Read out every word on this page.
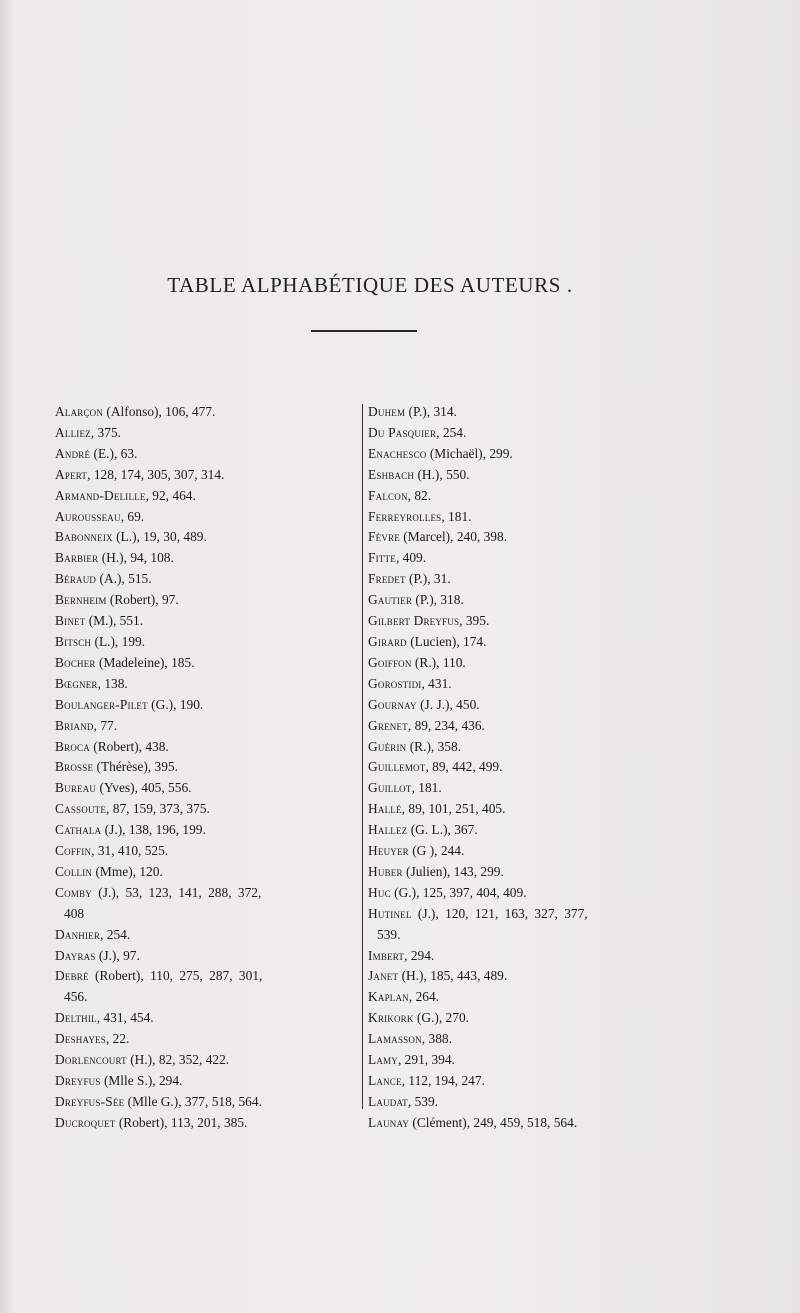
TABLE ALPHABÉTIQUE DES AUTEURS .
Alarçon (Alfonso), 106, 477.
Alliez, 375.
André (E.), 63.
Apert, 128, 174, 305, 307, 314.
Armand-Delille, 92, 464.
Aurousseau, 69.
Babonneix (L.), 19, 30, 489.
Barbier (H.), 94, 108.
Béraud (A.), 515.
Bernheim (Robert), 97.
Binet (M.), 551.
Bitsch (L.), 199.
Bocher (Madeleine), 185.
Bœgner, 138.
Boulanger-Pilet (G.), 190.
Briand, 77.
Broca (Robert), 438.
Brosse (Thérèse), 395.
Bureau (Yves), 405, 556.
Cassoute, 87, 159, 373, 375.
Cathala (J.), 138, 196, 199.
Coffin, 31, 410, 525.
Collin (Mme), 120.
Comby (J.), 53, 123, 141, 288, 372,
408
Danhier, 254.
Dayras (J.), 97.
Debré (Robert), 110, 275, 287, 301,
456.
Delthil, 431, 454.
Deshayes, 22.
Dorlencourt (H.), 82, 352, 422.
Dreyfus (Mlle S.), 294.
Dreyfus-Sée (Mlle G.), 377, 518, 564.
Ducroquet (Robert), 113, 201, 385.
Duhem (P.), 314.
Du Pasquier, 254.
Enachesco (Michaël), 299.
Eshbach (H.), 550.
Falcon, 82.
Ferreyrolles, 181.
Fèvre (Marcel), 240, 398.
Fitte, 409.
Fredet (P.), 31.
Gautier (P.), 318.
Gilbert Dreyfus, 395.
Girard (Lucien), 174.
Goiffon (R.), 110.
Gorostidi, 431.
Gournay (J. J.), 450.
Grenet, 89, 234, 436.
Guérin (R.), 358.
Guillemot, 89, 442, 499.
Guillot, 181.
Hallé, 89, 101, 251, 405.
Hallez (G. L.), 367.
Heuyer (G ), 244.
Huber (Julien), 143, 299.
Huc (G.), 125, 397, 404, 409.
Hutinel (J.), 120, 121, 163, 327, 377,
539.
Imbert, 294.
Janet (H.), 185, 443, 489.
Kaplan, 264.
Krikork (G.), 270.
Lamasson, 388.
Lamy, 291, 394.
Lance, 112, 194, 247.
Laudat, 539.
Launay (Clément), 249, 459, 518, 564.
